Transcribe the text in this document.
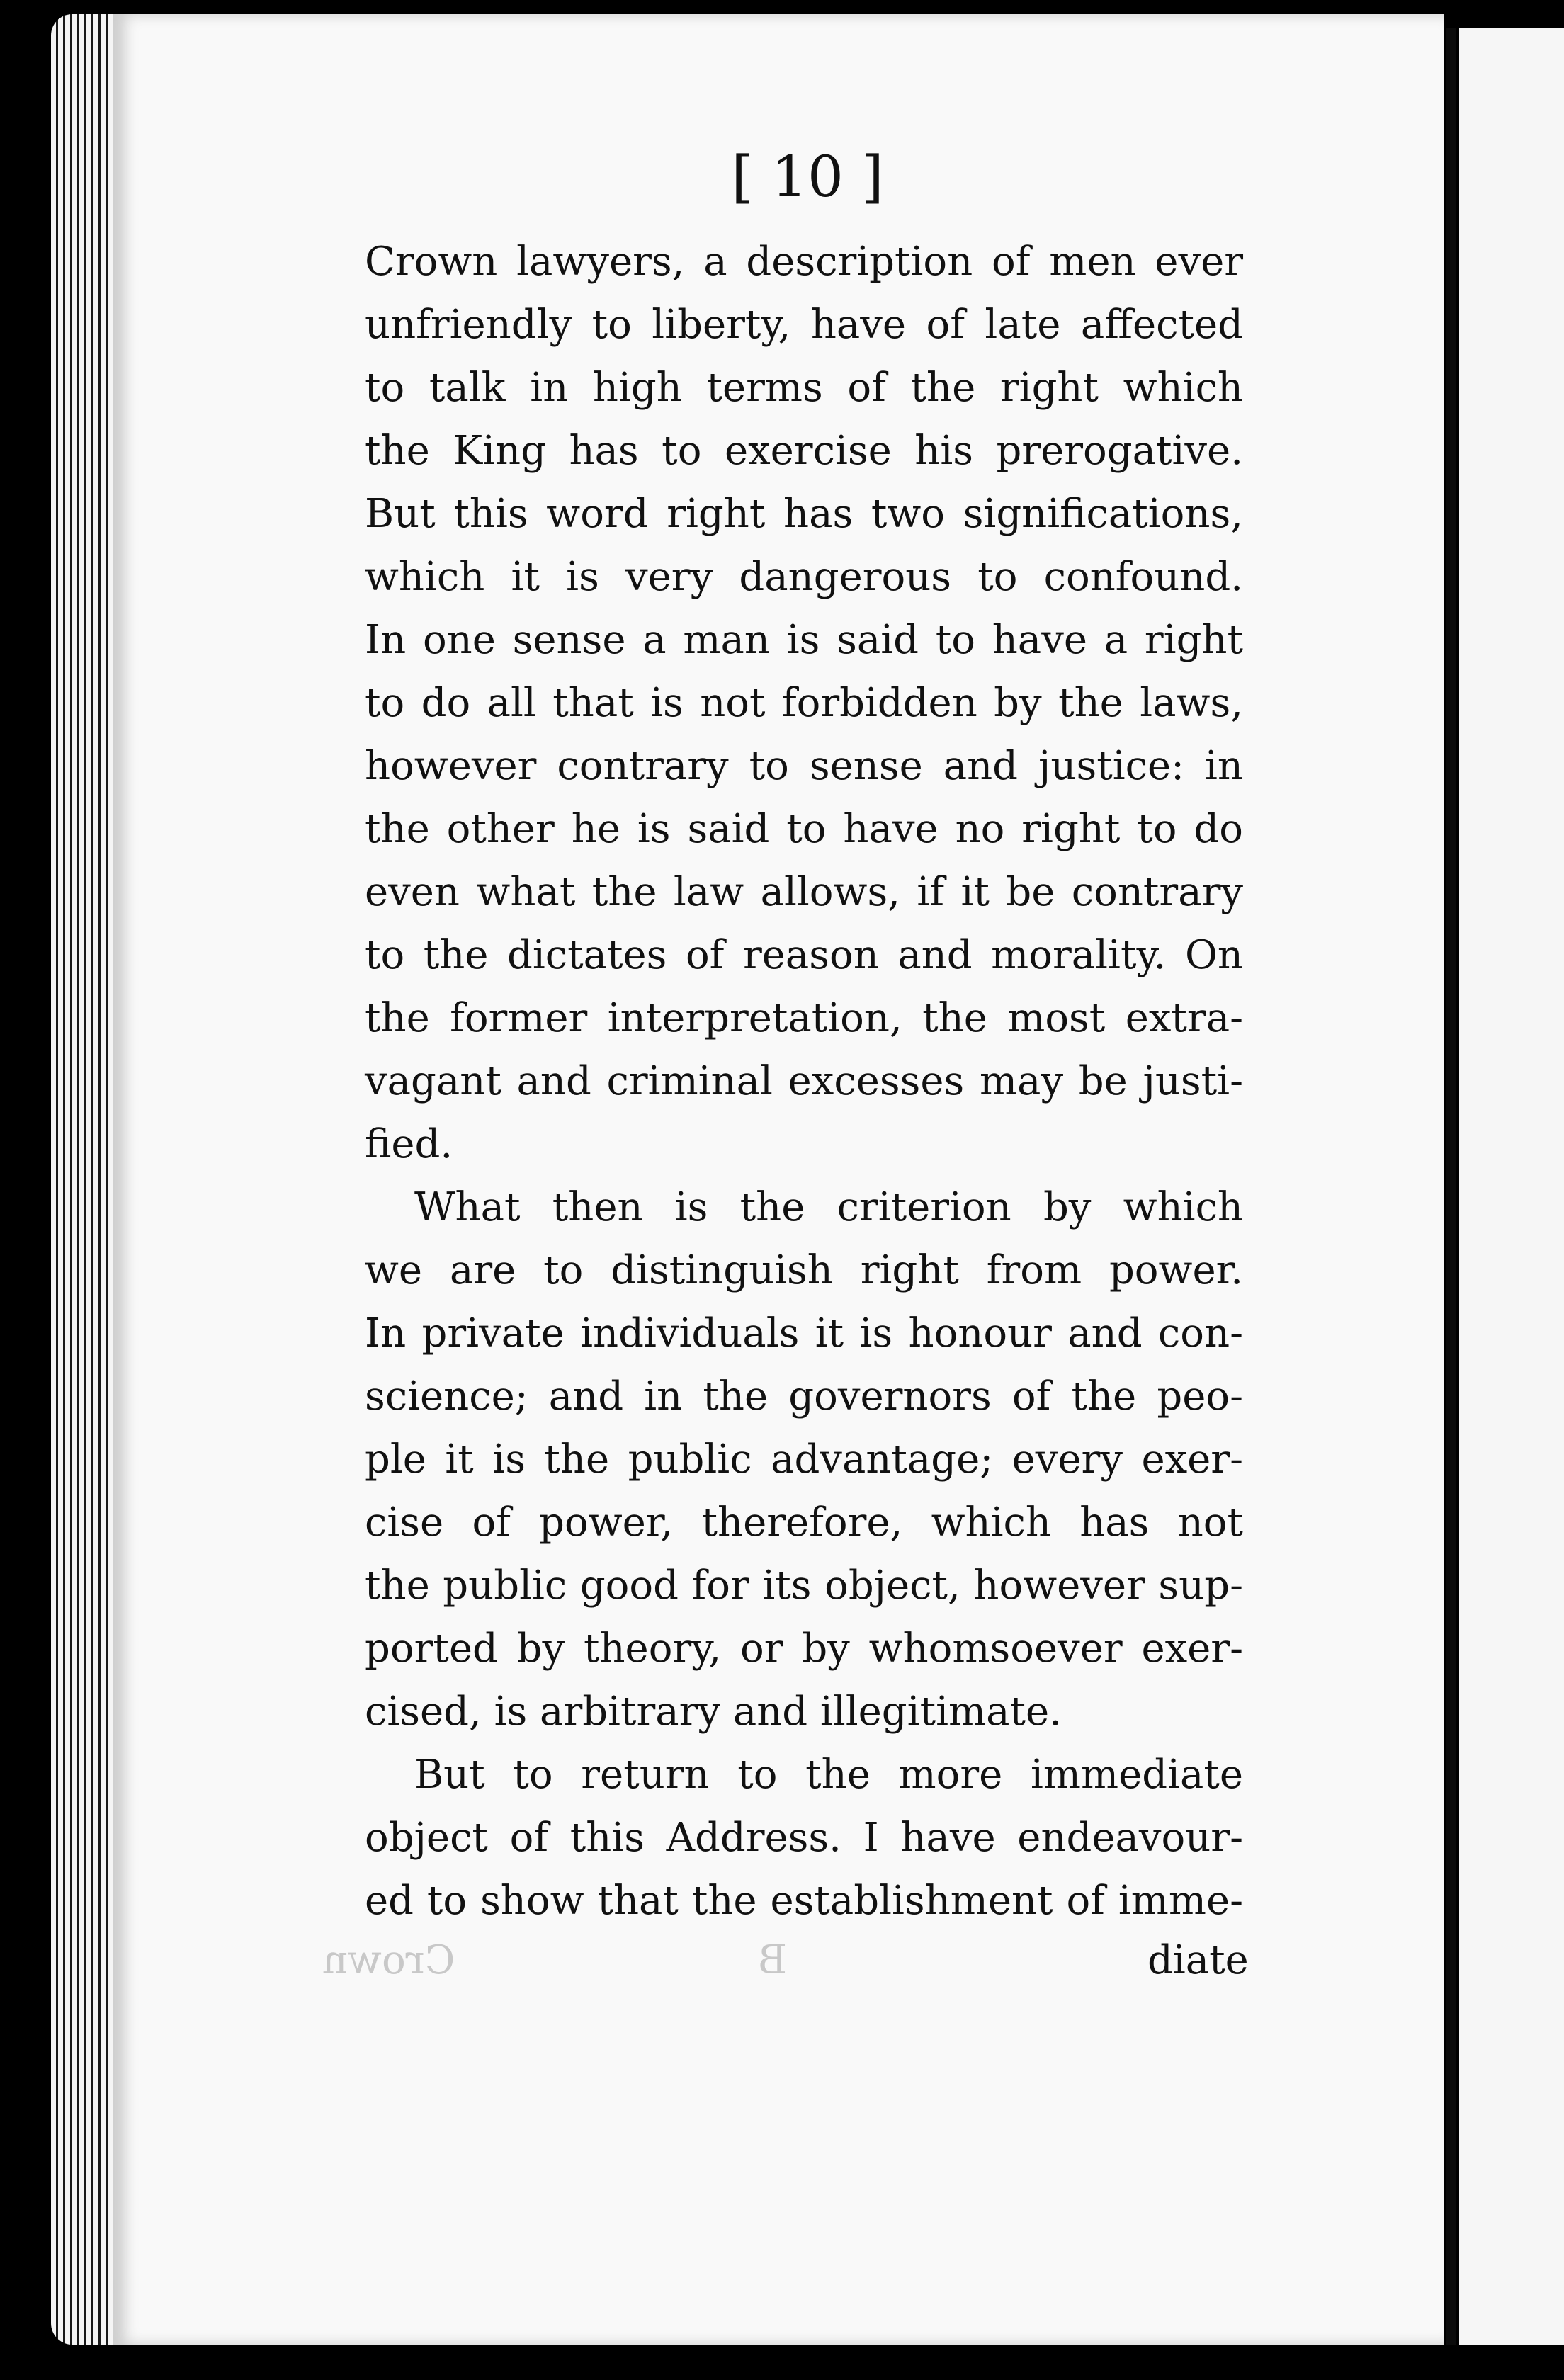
[ 10 ]
Crown lawyers, a description of men ever
unfriendly to liberty, have of late affected
to talk in high terms of the right which
the King has to exercise his prerogative.
But this word right has two significations,
which it is very dangerous to confound.
In one sense a man is said to have a right
to do all that is not forbidden by the laws,
however contrary to sense and justice: in
the other he is said to have no right to do
even what the law allows, if it be contrary
to the dictates of reason and morality. On
the former interpretation, the most extra-
vagant and criminal excesses may be justi-
fied.
What then is the criterion by which
we are to distinguish right from power.
In private individuals it is honour and con-
science; and in the governors of the peo-
ple it is the public advantage; every exer-
cise of power, therefore, which has not
the public good for its object, however sup-
ported by theory, or by whomsoever exer-
cised, is arbitrary and illegitimate.
But to return to the more immediate
object of this Address. I have endeavour-
ed to show that the establishment of imme-
Crown	B	diate
